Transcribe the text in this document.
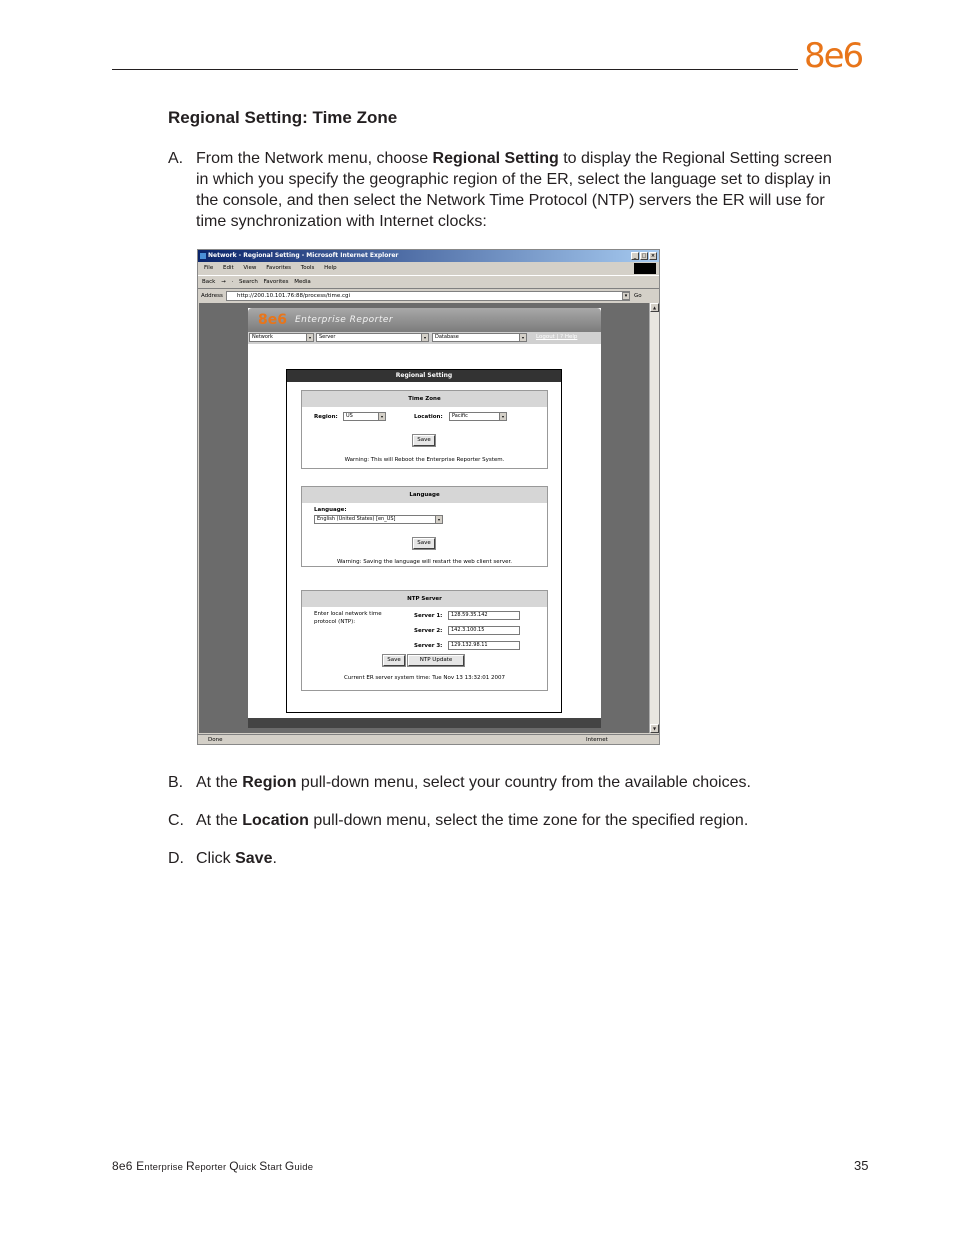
8e6
Regional Setting: Time Zone
A. From the Network menu, choose Regional Setting to display the Regional Setting screen in which you specify the geographic region of the ER, select the language set to display in the console, and then select the Network Time Protocol (NTP) servers the ER will use for time synchronization with Internet clocks:
Network - Regional Setting - Microsoft Internet Explorer	_	□ ×
File Edit View Favorites Tools Help
Back → · Search Favorites Media
Address	http://200.10.101.76:88/process/time.cgi	▾	Go
8e6 Enterprise Reporter
Network	▾	Server	▾	Database	▾	Logout | ? Help
Regional Setting
Time Zone
Region:	US	▾	Location:	Pacific	▾
Save
Warning: This will Reboot the Enterprise Reporter System.
Language
Language:
English (United States) [en_US]	▾
Save
Warning: Saving the language will restart the web client server.
NTP Server
Enter local network time protocol (NTP):
Server 1:	128.59.35.142
Server 2:	142.3.100.15
Server 3:	129.132.98.11
Save	NTP Update
Current ER server system time: Tue Nov 13 13:32:01 2007
▲
▼
Done	Internet
B. At the Region pull-down menu, select your country from the available choices.
C. At the Location pull-down menu, select the time zone for the specified region.
D. Click Save.
8e6 Enterprise Reporter Quick Start Guide	35
